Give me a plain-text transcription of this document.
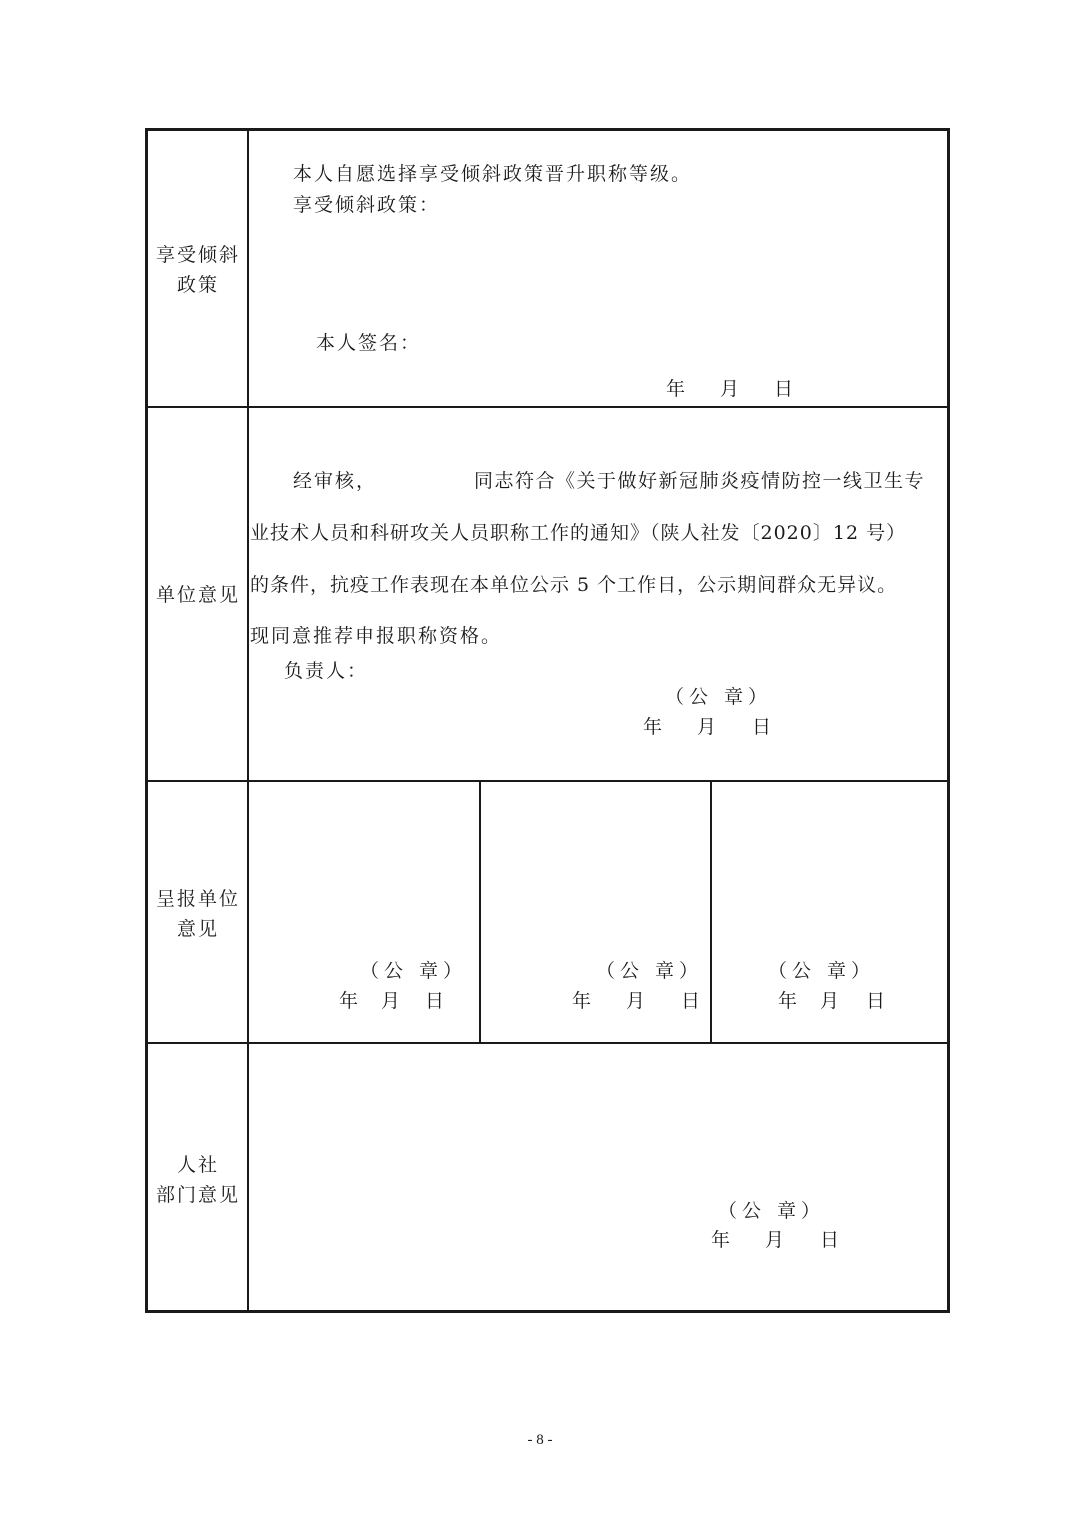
享受倾斜
政策
本人自愿选择享受倾斜政策晋升职称等级。
享受倾斜政策：
本人签名：
年 月 日
单位意见
经审核，	同志符合《关于做好新冠肺炎疫情防控一线卫生专
业技术人员和科研攻关人员职称工作的通知》（陕人社发〔2020〕12 号）
的条件，抗疫工作表现在本单位公示 5 个工作日，公示期间群众无异议。
现同意推荐申报职称资格。
负责人：
（公 章）
年 月 日
呈报单位
意见
（公 章）
年 月 日
（公 章）
年 月 日
（公 章）
年 月 日
人社
部门意见
（公 章）
年 月 日
- 8 -
